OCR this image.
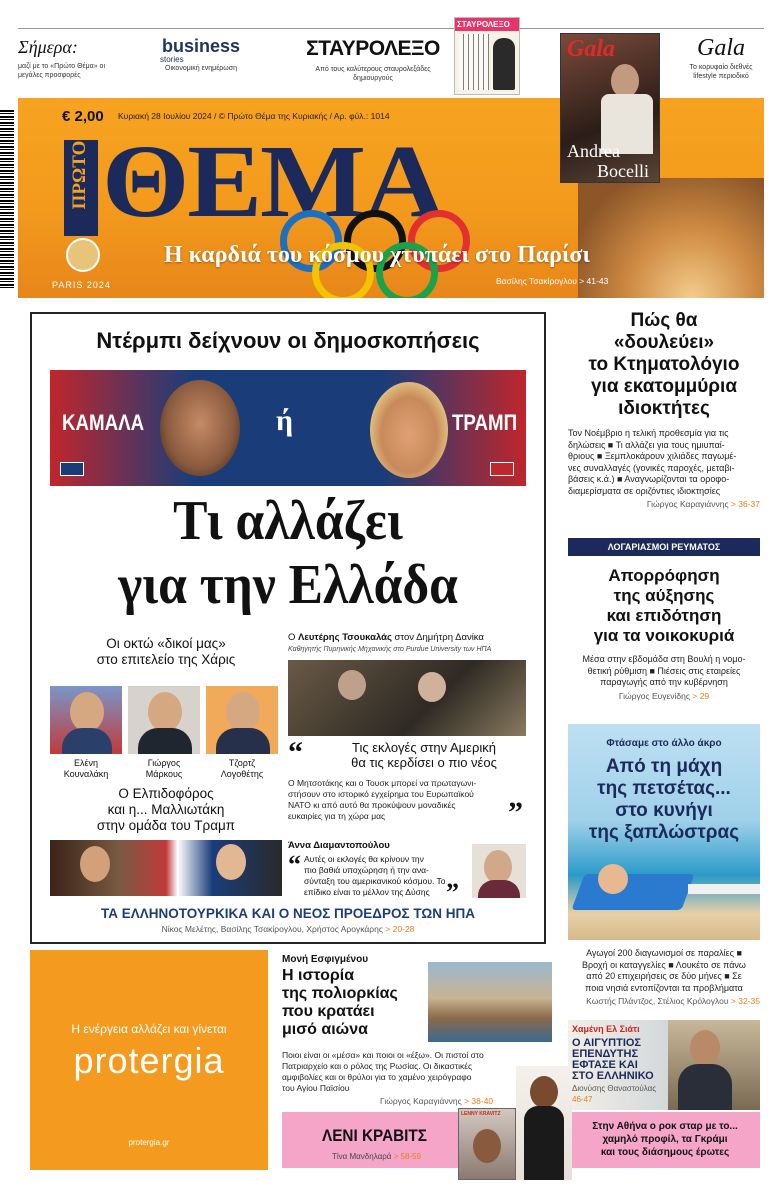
Σήμερα:
μαζί με το «Πρώτο Θέμα» οι μεγάλες προσφορές
business
stories
Οικονομική ενημέρωση
ΣΤΑΥΡΟΛΕΞΟ
Από τους καλύτερους σταυρολεξάδες δημιουργούς
ΣΤΑΥΡΟΛΕΞΟ
Gala
Andrea
Bocelli
Gala
Το κορυφαίο διεθνές lifestyle περιοδικό
€ 2,00 Κυριακή 28 Ιουλίου 2024 / © Πρώτο Θέμα της Κυριακής / Αρ. φύλ.: 1014
ΠΡΩΤΟ ΘΕΜΑ
PARIS 2024
Η καρδιά του κόσμου χτυπάει στο Παρίσι
Βασίλης Τσακίρογλου > 41-43
Ντέρμπι δείχνουν οι δημοσκοπήσεις
ΚΑΜΑΛΑ	ή	ΤΡΑΜΠ
Τι αλλάζει
για την Ελλάδα
Οι οκτώ «δικοί μας»
στο επιτελείο της Χάρις
Ελένη
Κουναλάκη
Γιώργος
Μάρκους
Τζορτζ
Λογοθέτης
Ο Ελπιδοφόρος
και η... Μαλλιωτάκη
στην ομάδα του Τραμπ
Ο Λευτέρης Τσουκαλάς στον Δημήτρη Δανίκα
Καθηγητής Πυρηνικής Μηχανικής στο Purdue University των ΗΠΑ
“	Τις εκλογές στην Αμερική
θα τις κερδίσει ο πιο νέος
Ο Μητσοτάκης και ο Τουσκ μπορεί να πρωταγωνι-
στήσουν στο ιστορικό εγχείρημα του Ευρωπαϊκού
ΝΑΤΟ κι από αυτό θα προκύψουν μοναδικές
ευκαιρίες για τη χώρα μας	”
Άννα Διαμαντοπούλου
“ Αυτές οι εκλογές θα κρίνουν την
πιο βαθιά υποχώρηση ή την ανα-
σύνταξη του αμερικανικού κόσμου. Το
επίδικο είναι το μέλλον της Δύσης ”
ΤΑ ΕΛΛΗΝΟΤΟΥΡΚΙΚΑ ΚΑΙ Ο ΝΕΟΣ ΠΡΟΕΔΡΟΣ ΤΩΝ ΗΠΑ
Νίκος Μελέτης, Βασίλης Τσακίρογλου, Χρήστος Αρογκάρης > 20-28
Πώς θα
«δουλεύει»
το Κτηματολόγιο
για εκατομμύρια
ιδιοκτήτες
Τον Νοέμβριο η τελική προθεσμία για τις
δηλώσεις ■ Τι αλλάζει για τους ημιυπαί-
θριους ■ Ξεμπλοκάρουν χιλιάδες παγωμέ-
νες συναλλαγές (γονικές παροχές, μεταβι-
βάσεις κ.ά.) ■ Αναγνωρίζονται τα οροφο-
διαμερίσματα σε οριζόντιες ιδιοκτησίες
Γιώργος Καραγιάννης > 36-37
ΛΟΓΑΡΙΑΣΜΟΙ ΡΕΥΜΑΤΟΣ
Απορρόφηση
της αύξησης
και επιδότηση
για τα νοικοκυριά
Μέσα στην εβδομάδα στη Βουλή η νομο-
θετική ρύθμιση ■ Πιέσεις στις εταιρείες
παραγωγής από την κυβέρνηση
Γιώργος Ευγενίδης > 29
Φτάσαμε στο άλλο άκρο
Από τη μάχη
της πετσέτας...
στο κυνήγι
της ξαπλώστρας
Αγωγοί 200 διαγωνισμοί σε παραλίες ■
Βροχή οι καταγγελίες ■ Λουκέτο σε πάνω
από 20 επιχειρήσεις σε δύο μήνες ■ Σε
ποια νησιά εντοπίζονται τα προβλήματα
Κωστής Πλάντζος, Στέλιος Κρόλογλου > 32-35
Χαμένη Ελ Σιάτι
Ο ΑΙΓΥΠΤΙΟΣ
ΕΠΕΝΔΥΤΗΣ
ΕΦΤΑΣΕ ΚΑΙ
ΣΤΟ ΕΛΛΗΝΙΚΟ
Διονύσης Θαναστούλας
46-47
Η ενέργεια αλλάζει και γίνεται
protergia
protergia.gr
Μονή Εσφιγμένου
Η ιστορία
της πολιορκίας
που κρατάει
μισό αιώνα
Ποιοι είναι οι «μέσα» και ποιοι οι «έξω». Οι πιστοί στο
Πατριαρχείο και ο ρόλος της Ρωσίας. Οι δικαστικές
αμφιβολίες και οι θρύλοι για το χαμένο χειρόγραφο
του Αγίου Παϊσίου
Γιώργος Καραγιάννης > 38-40
ΛΕΝΙ ΚΡΑΒΙΤΣ
Τίνα Μανδηλαρά > 58-59
Στην Αθήνα ο ροκ σταρ με το...
χαμηλό προφίλ, τα Γκράμι
και τους διάσημους έρωτες
LENNY KRAVITZ
